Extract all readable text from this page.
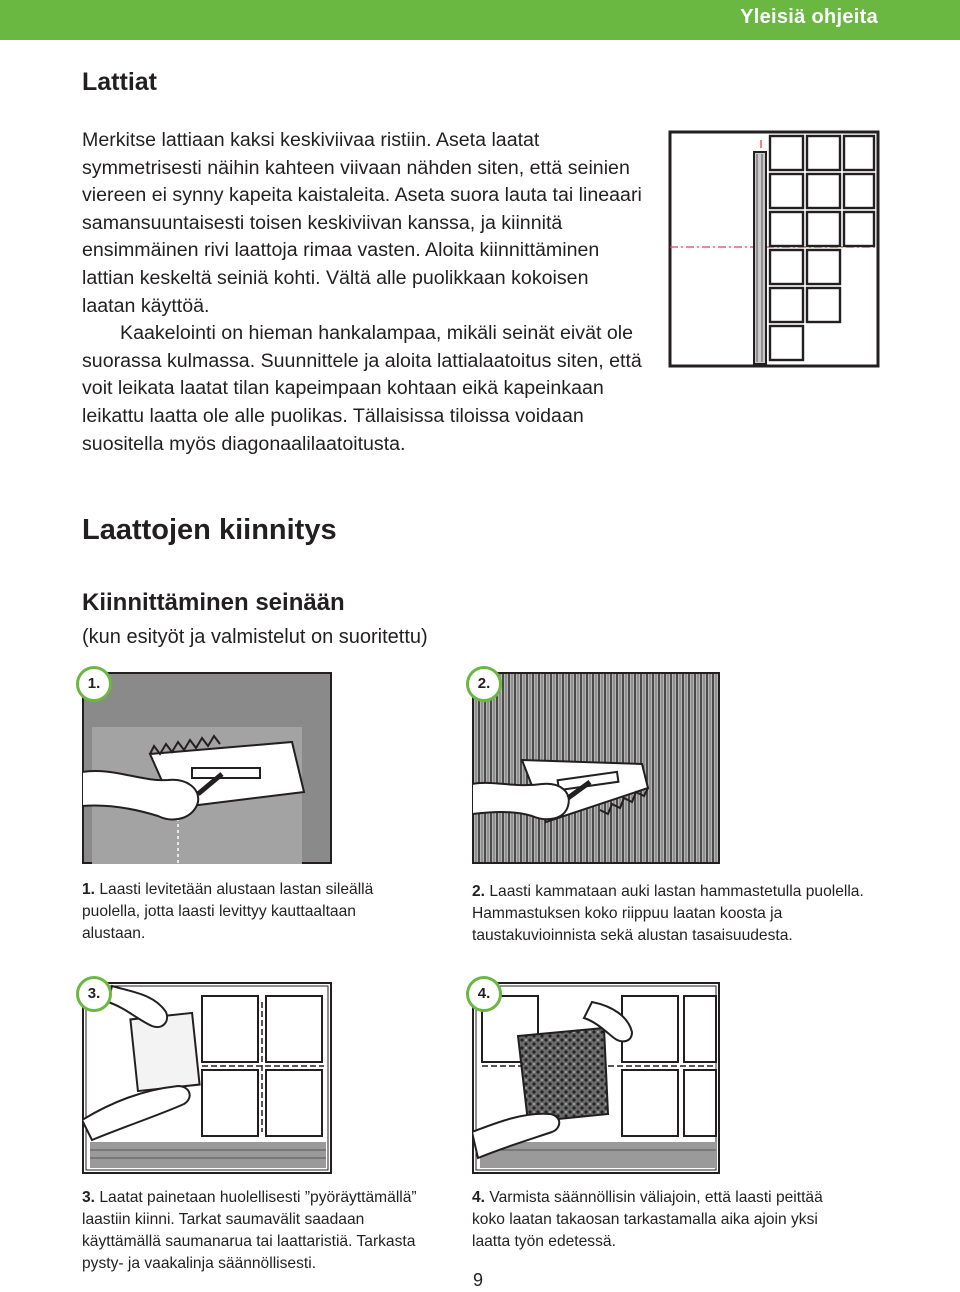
Yleisiä ohjeita
Lattiat

Merkitse lattiaan kaksi keskiviivaa ristiin. Aseta laatat symmetrisesti näihin kahteen viivaan nähden siten, että seinien viereen ei synny kapeita kaistaleita. Aseta suora lauta tai lineaari samansuuntaisesti toisen keskiviivan kanssa, ja kiinnitä ensimmäinen rivi laattoja rimaa vasten. Aloita kiinnittäminen lattian keskeltä seiniä kohti. Vältä alle puolikkaan kokoisen laatan käyttöä.

Kaakelointi on hieman hankalampaa, mikäli seinät eivät ole suorassa kulmassa. Suunnittele ja aloita lattialaatoitus siten, että voit leikata laatat tilan kapeimpaan kohtaan eikä kapeinkaan leikattu laatta ole alle puolikas. Tällaisissa tiloissa voidaan suositella myös diagonaalilaatoitusta.

Laattojen kiinnitys
Kiinnittäminen seinään

(kun esityöt ja valmistelut on suoritettu)

1.

1. Laasti levitetään alustaan lastan sileällä puolella, jotta laasti levittyy kauttaaltaan alustaan.

2.

2. Laasti kammataan auki lastan hammastetulla puolella. Hammastuksen koko riippuu laatan koosta ja taustakuvioinnista sekä alustan tasaisuudesta.

3.

3. Laatat painetaan huolellisesti ”pyöräyttämällä” laastiin kiinni. Tarkat saumavälit saadaan käyttämällä saumanarua tai laattaristiä. Tarkasta pysty- ja vaakalinja säännöllisesti.

4.

4. Varmista säännöllisin väliajoin, että laasti peittää koko laatan takaosan tarkastamalla aika ajoin yksi laatta työn edetessä.

9
